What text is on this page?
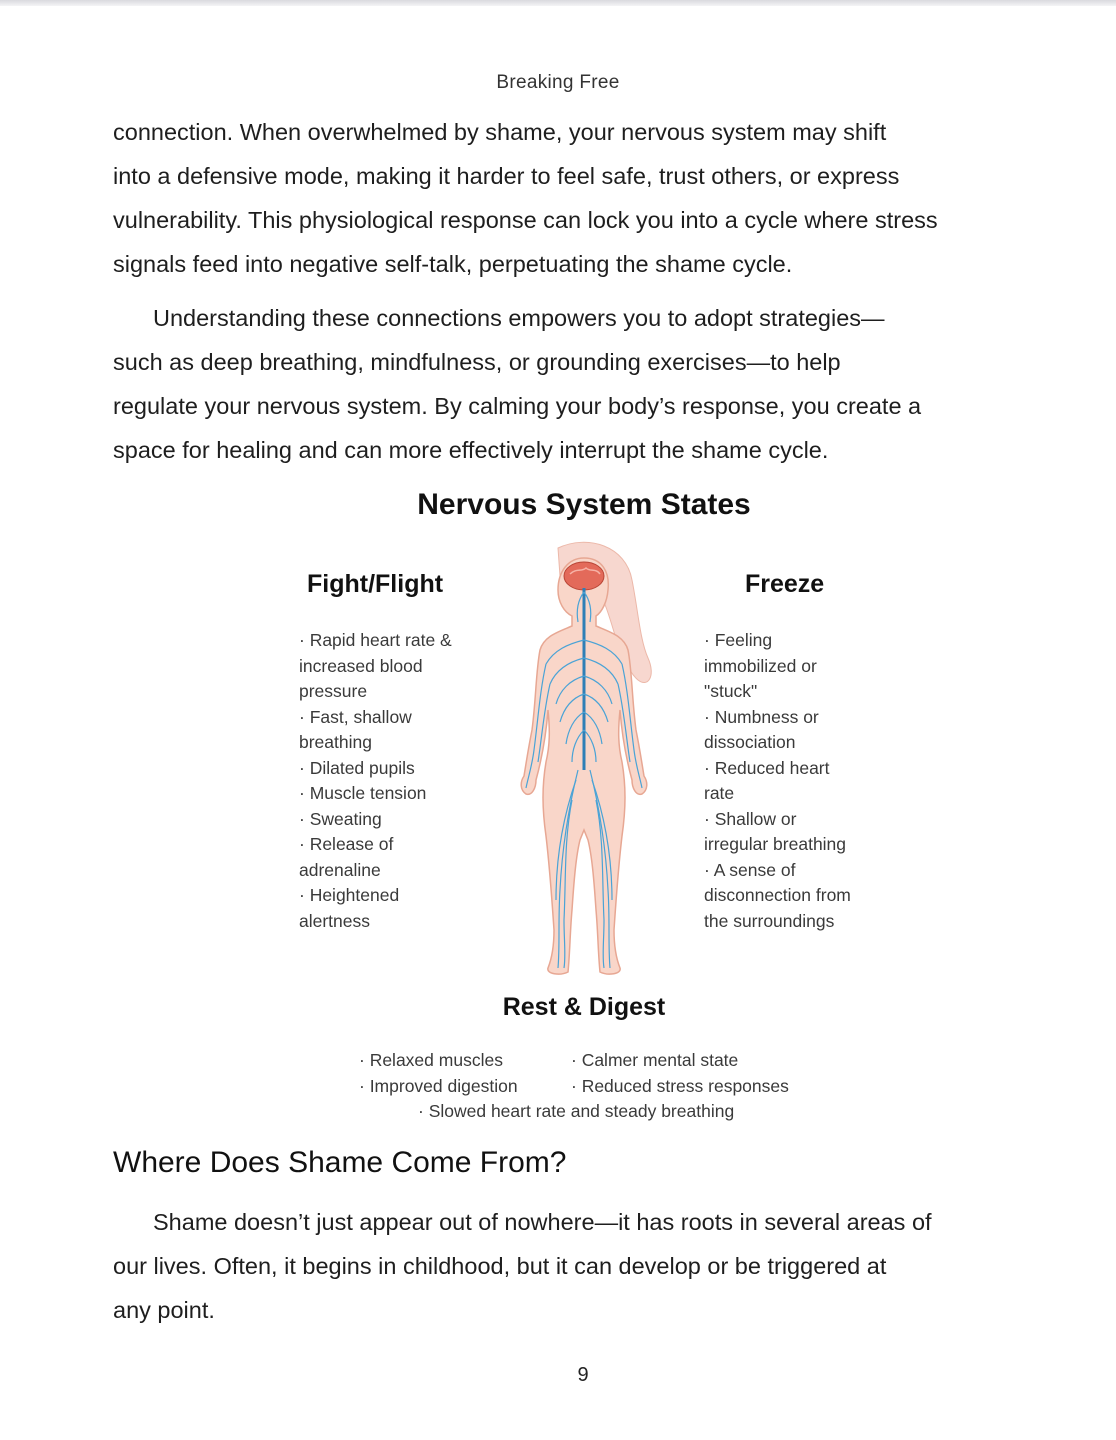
Breaking Free

connection. When overwhelmed by shame, your nervous system may shift

into a defensive mode, making it harder to feel safe, trust others, or express

vulnerability. This physiological response can lock you into a cycle where stress

signals feed into negative self-talk, perpetuating the shame cycle.

Understanding these connections empowers you to adopt strategies—

such as deep breathing, mindfulness, or grounding exercises—to help

regulate your nervous system. By calming your body’s response, you create a

space for healing and can more effectively interrupt the shame cycle.

Nervous System States
Fight/Flight	Freeze
· Rapid heart rate &
increased blood
pressure
· Fast, shallow
breathing
· Dilated pupils
· Muscle tension
· Sweating
· Release of
adrenaline
· Heightened
alertness
· Feeling
immobilized or
"stuck"
· Numbness or
dissociation
· Reduced heart
rate
· Shallow or
irregular breathing
· A sense of
disconnection from
the surroundings
Rest & Digest
· Relaxed muscles	· Calmer mental state
· Improved digestion	· Reduced stress responses
· Slowed heart rate and steady breathing
Where Does Shame Come From?

Shame doesn’t just appear out of nowhere—it has roots in several areas of

our lives. Often, it begins in childhood, but it can develop or be triggered at

any point.

9
